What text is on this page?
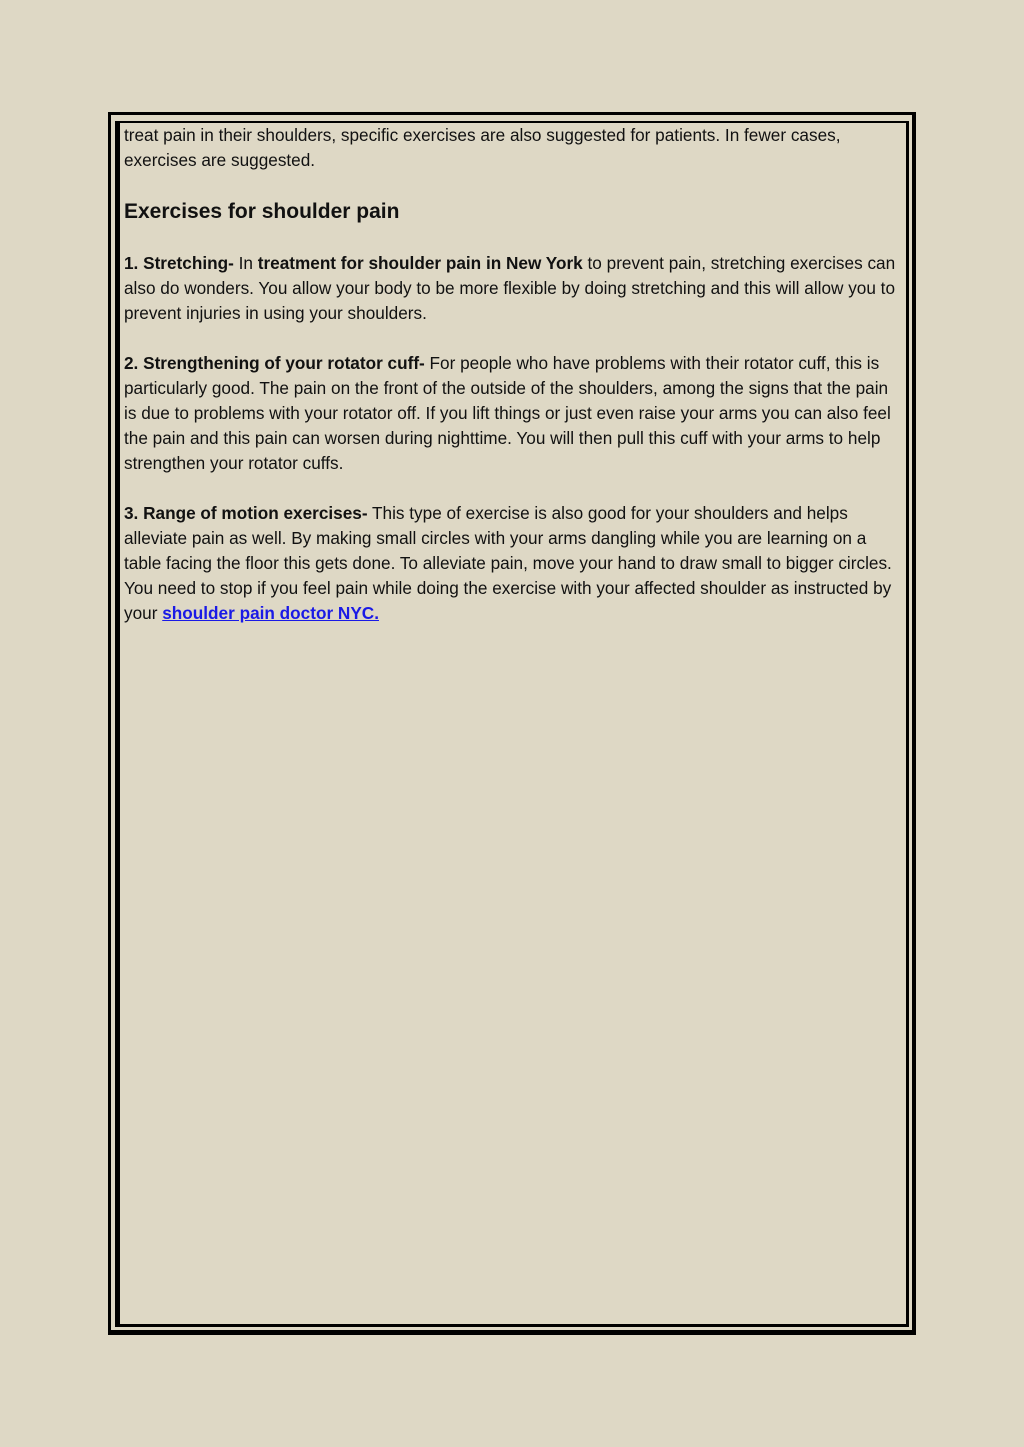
treat pain in their shoulders, specific exercises are also suggested for patients. In fewer cases, exercises are suggested.

Exercises for shoulder pain

1. Stretching- In treatment for shoulder pain in New York to prevent pain, stretching exercises can also do wonders. You allow your body to be more flexible by doing stretching and this will allow you to prevent injuries in using your shoulders.

2. Strengthening of your rotator cuff- For people who have problems with their rotator cuff, this is particularly good. The pain on the front of the outside of the shoulders, among the signs that the pain is due to problems with your rotator off. If you lift things or just even raise your arms you can also feel the pain and this pain can worsen during nighttime. You will then pull this cuff with your arms to help strengthen your rotator cuffs.

3. Range of motion exercises- This type of exercise is also good for your shoulders and helps alleviate pain as well. By making small circles with your arms dangling while you are learning on a table facing the floor this gets done. To alleviate pain, move your hand to draw small to bigger circles. You need to stop if you feel pain while doing the exercise with your affected shoulder as instructed by your shoulder pain doctor NYC.
